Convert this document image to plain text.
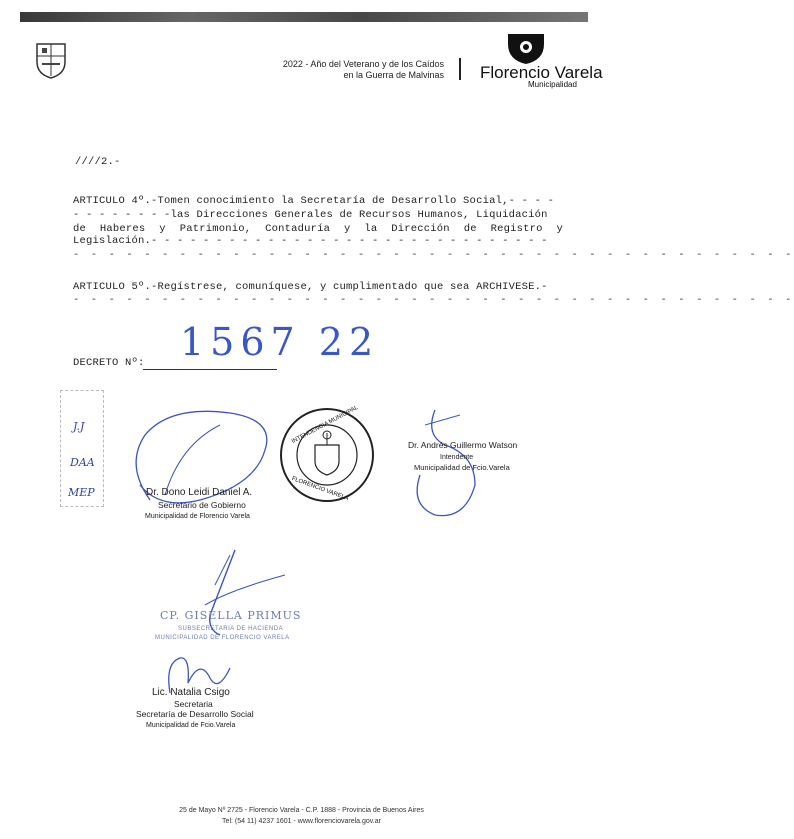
2022 - Año del Veterano y de los Caídos
en la Guerra de Malvinas Florencio Varela
Municipalidad
////2.-
ARTICULO 4º.-Tomen conocimiento la Secretaría de Desarrollo Social,- - - -
- - - - - - - -las Direcciones Generales de Recursos Humanos, Liquidación
de Haberes y Patrimonio, Contaduría y la Dirección de Registro y
Legislación.- - - - - - - - - - - - - - - - - - - - - - - - - - - - - - -
- - - - - - - - - - - - - - - - - - - - - - - - - - - - - - - - - - - - - - - - -
ARTICULO 5º.-Regístrese, comuníquese, y cumplimentado que sea ARCHIVESE.-
- - - - - - - - - - - - - - - - - - - - - - - - - - - - - - - - - - - - - - - - -
1567 22
DECRETO Nº:
J.J
DAA
MEP	Dr. Dono Leidi Daniel A.
Secretario de Gobierno
Municipalidad de Florencio Varela
INTENDENCIA MUNICIPAL
FLORENCIO VARELA
Dr. Andrés Guillermo Watson
Intendente
Municipalidad de Fcio.Varela
CP. GISELLA PRIMUS
SUBSECRETARIA DE HACIENDA
MUNICIPALIDAD DE FLORENCIO VARELA
Lic. Natalia Csigo
Secretaria
Secretaría de Desarrollo Social
Municipalidad de Fcio.Varela
25 de Mayo Nº 2725 - Florencio Varela - C.P. 1888 - Provincia de Buenos Aires
Tel: (54 11) 4237 1601 - www.florenciovarela.gov.ar
